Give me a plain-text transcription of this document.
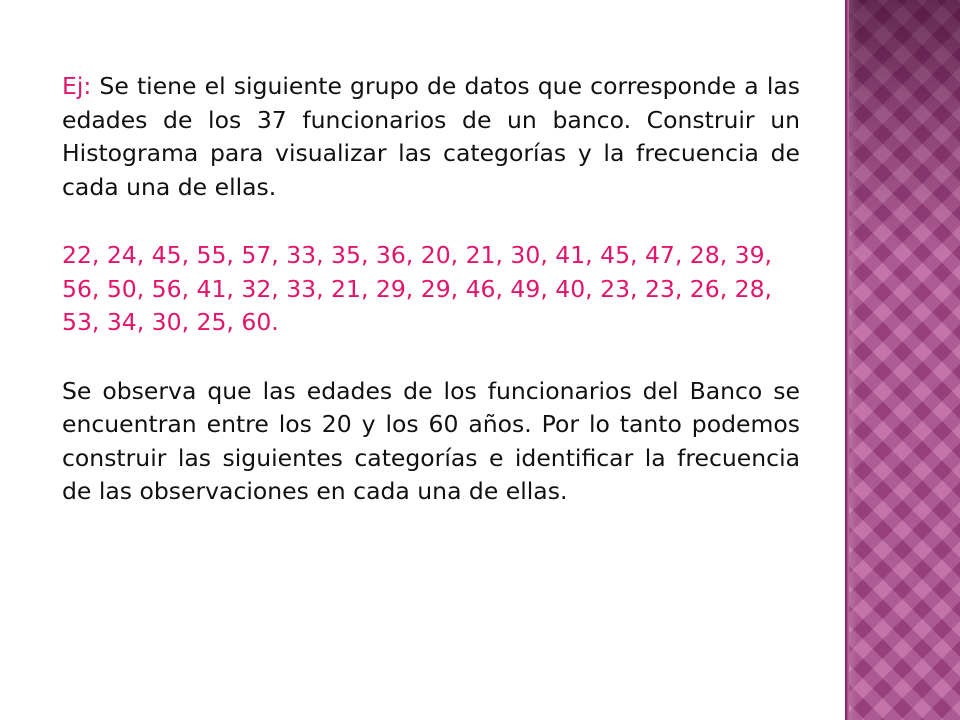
Ej: Se tiene el siguiente grupo de datos que corresponde a las edades de los 37 funcionarios de un banco. Construir un Histograma para visualizar las categorías y la frecuencia de cada una de ellas.

22, 24, 45, 55, 57, 33, 35, 36, 20, 21, 30, 41, 45, 47, 28, 39, 56, 50, 56, 41, 32, 33, 21, 29, 29, 46, 49, 40, 23, 23, 26, 28, 53, 34, 30, 25, 60.

Se observa que las edades de los funcionarios del Banco se encuentran entre los 20 y los 60 años. Por lo tanto podemos construir las siguientes categorías e identificar la frecuencia de las observaciones en cada una de ellas.
